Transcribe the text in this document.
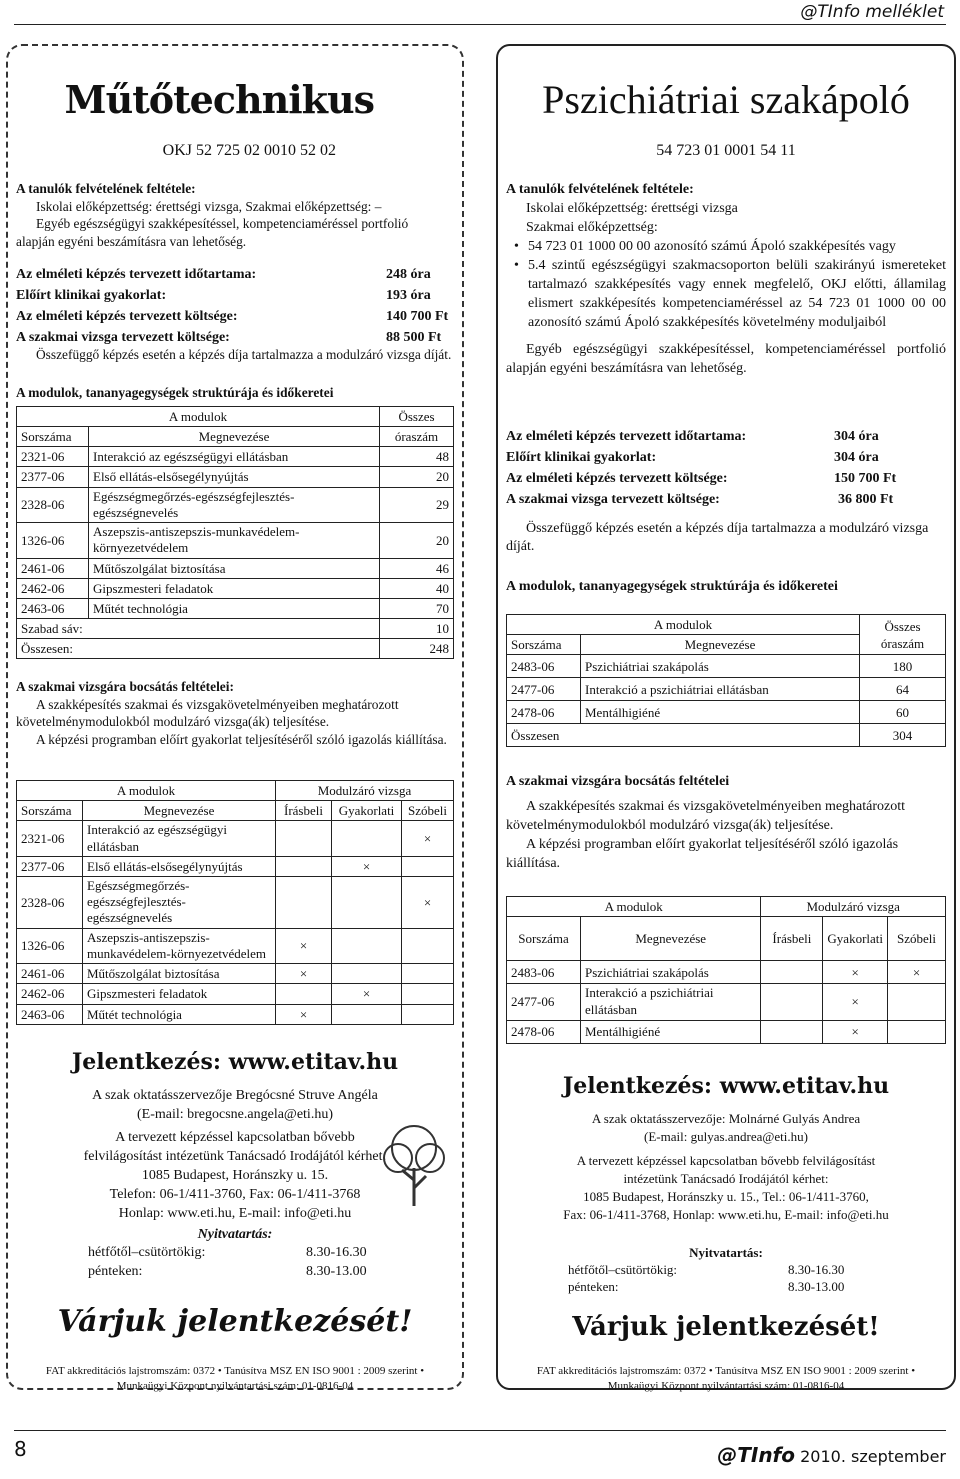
@TInfo melléklet
Műtőtechnikus
OKJ 52 725 02 0010 52 02
A tanulók felvételének feltétele:
Iskolai előképzettség: érettségi vizsga, Szakmai előképzettség: –
Egyéb egészségügyi szakképesítéssel, kompetenciaméréssel portfolió
alapján egyéni beszámításra van lehetőség.
Az elméleti képzés tervezett időtartama:	248 óra
Előírt klinikai gyakorlat:	193 óra
Az elméleti képzés tervezett költsége:	140 700 Ft
A szakmai vizsga tervezett költsége:	88 500 Ft
Összefüggő képzés esetén a képzés díja tartalmazza a modulzáró vizsga díját.
A modulok, tananyagegységek struktúrája és időkeretei
A modulok		Összes
Sorszáma	Megnevezése	óraszám
2321-06	Interakció az egészségügyi ellátásban	48
2377-06	Első ellátás-elsősegélynyújtás	20
2328-06	Egészségmegőrzés-egészségfejlesztés-egészségnevelés	29
1326-06	Aszepszis-antiszepszis-munkavédelem-környezetvédelem	20
2461-06	Műtőszolgálat biztosítása	46
2462-06	Gipszmesteri feladatok	40
2463-06	Műtét technológia	70
Szabad sáv:		10
Összesen:		248
A szakmai vizsgára bocsátás feltételei:
A szakképesítés szakmai és vizsgakövetelményeiben meghatározott követelménymodulokból modulzáró vizsga(ák) teljesítése.
A képzési programban előírt gyakorlat teljesítéséről szóló igazolás kiállítása.
A modulok		Modulzáró vizsga		
Sorszáma	Megnevezése	Írásbeli	Gyakorlati	Szóbeli
2321-06	Interakció az egészségügyi ellátásban			×
2377-06	Első ellátás-elsősegélynyújtás		×	
2328-06	Egészségmegőrzés-egészségfejlesztés-egészségnevelés			×
1326-06	Aszepszis-antiszepszis-munkavédelem-környezetvédelem	×		
2461-06	Műtőszolgálat biztosítása	×		
2462-06	Gipszmesteri feladatok		×	
2463-06	Műtét technológia	×		
Jelentkezés: www.etitav.hu
A szak oktatásszervezője Bregócsné Struve Angéla
(E-mail: bregocsne.angela@eti.hu)
A tervezett képzéssel kapcsolatban bővebb
felvilágosítást intézetünk Tanácsadó Irodájától kérhet:
1085 Budapest, Horánszky u. 15.
Telefon: 06-1/411-3760, Fax: 06-1/411-3768
Honlap: www.eti.hu, E-mail: info@eti.hu
Nyitvatartás:
hétfőtől–csütörtökig:	8.30-16.30
pénteken:	8.30-13.00
Várjuk jelentkezését!
FAT akkreditációs lajstromszám: 0372 • Tanúsítva MSZ EN ISO 9001 : 2009 szerint •
Munkaügyi Központ nyilvántartási szám: 01-0816-04
Pszichiátriai szakápoló
54 723 01 0001 54 11
A tanulók felvételének feltétele:
Iskolai előképzettség: érettségi vizsga
Szakmai előképzettség:
• 54 723 01 1000 00 00 azonosító számú Ápoló szakképesítés vagy
• 5.4 szintű egészségügyi szakmacsoporton belüli szakirányú ismereteket tartalmazó szakképesítés vagy ennek megfelelő, OKJ előtti, államilag elismert szakképesítés kompetenciaméréssel az 54 723 01 1000 00 00 azonosító számú Ápoló szakképesítés követelmény moduljaiból
Egyéb egészségügyi szakképesítéssel, kompetenciaméréssel portfolió alapján egyéni beszámításra van lehetőség.
Az elméleti képzés tervezett időtartama:	304 óra
Előírt klinikai gyakorlat:	304 óra
Az elméleti képzés tervezett költsége:	150 700 Ft
A szakmai vizsga tervezett költsége:	36 800 Ft
Összefüggő képzés esetén a képzés díja tartalmazza a modulzáró vizsga díját.
A modulok, tananyagegységek struktúrája és időkeretei
A modulok		Összes óraszám
Sorszáma	Megnevezése	
2483-06	Pszichiátriai szakápolás	180
2477-06	Interakció a pszichiátriai ellátásban	64
2478-06	Mentálhigiéné	60
Összesen		304
A szakmai vizsgára bocsátás feltételei
A szakképesítés szakmai és vizsgakövetelményeiben meghatározott követelménymodulokból modulzáró vizsga(ák) teljesítése.
A képzési programban előírt gyakorlat teljesítéséről szóló igazolás kiállítása.
A modulok		Modulzáró vizsga		
Sorszáma	Megnevezése	Írásbeli	Gyakorlati	Szóbeli
2483-06	Pszichiátriai szakápolás		×	×
2477-06	Interakció a pszichiátriai ellátásban		×	
2478-06	Mentálhigiéné		×	
Jelentkezés: www.etitav.hu
A szak oktatásszervezője: Molnárné Gulyás Andrea
(E-mail: gulyas.andrea@eti.hu)
A tervezett képzéssel kapcsolatban bővebb felvilágosítást
intézetünk Tanácsadó Irodájától kérhet:
1085 Budapest, Horánszky u. 15., Tel.: 06-1/411-3760,
Fax: 06-1/411-3768, Honlap: www.eti.hu, E-mail: info@eti.hu
Nyitvatartás:
hétfőtől–csütörtökig:	8.30-16.30
pénteken:	8.30-13.00
Várjuk jelentkezését!
FAT akkreditációs lajstromszám: 0372 • Tanúsítva MSZ EN ISO 9001 : 2009 szerint •
Munkaügyi Központ nyilvántartási szám: 01-0816-04
8	@TInfo 2010. szeptember
